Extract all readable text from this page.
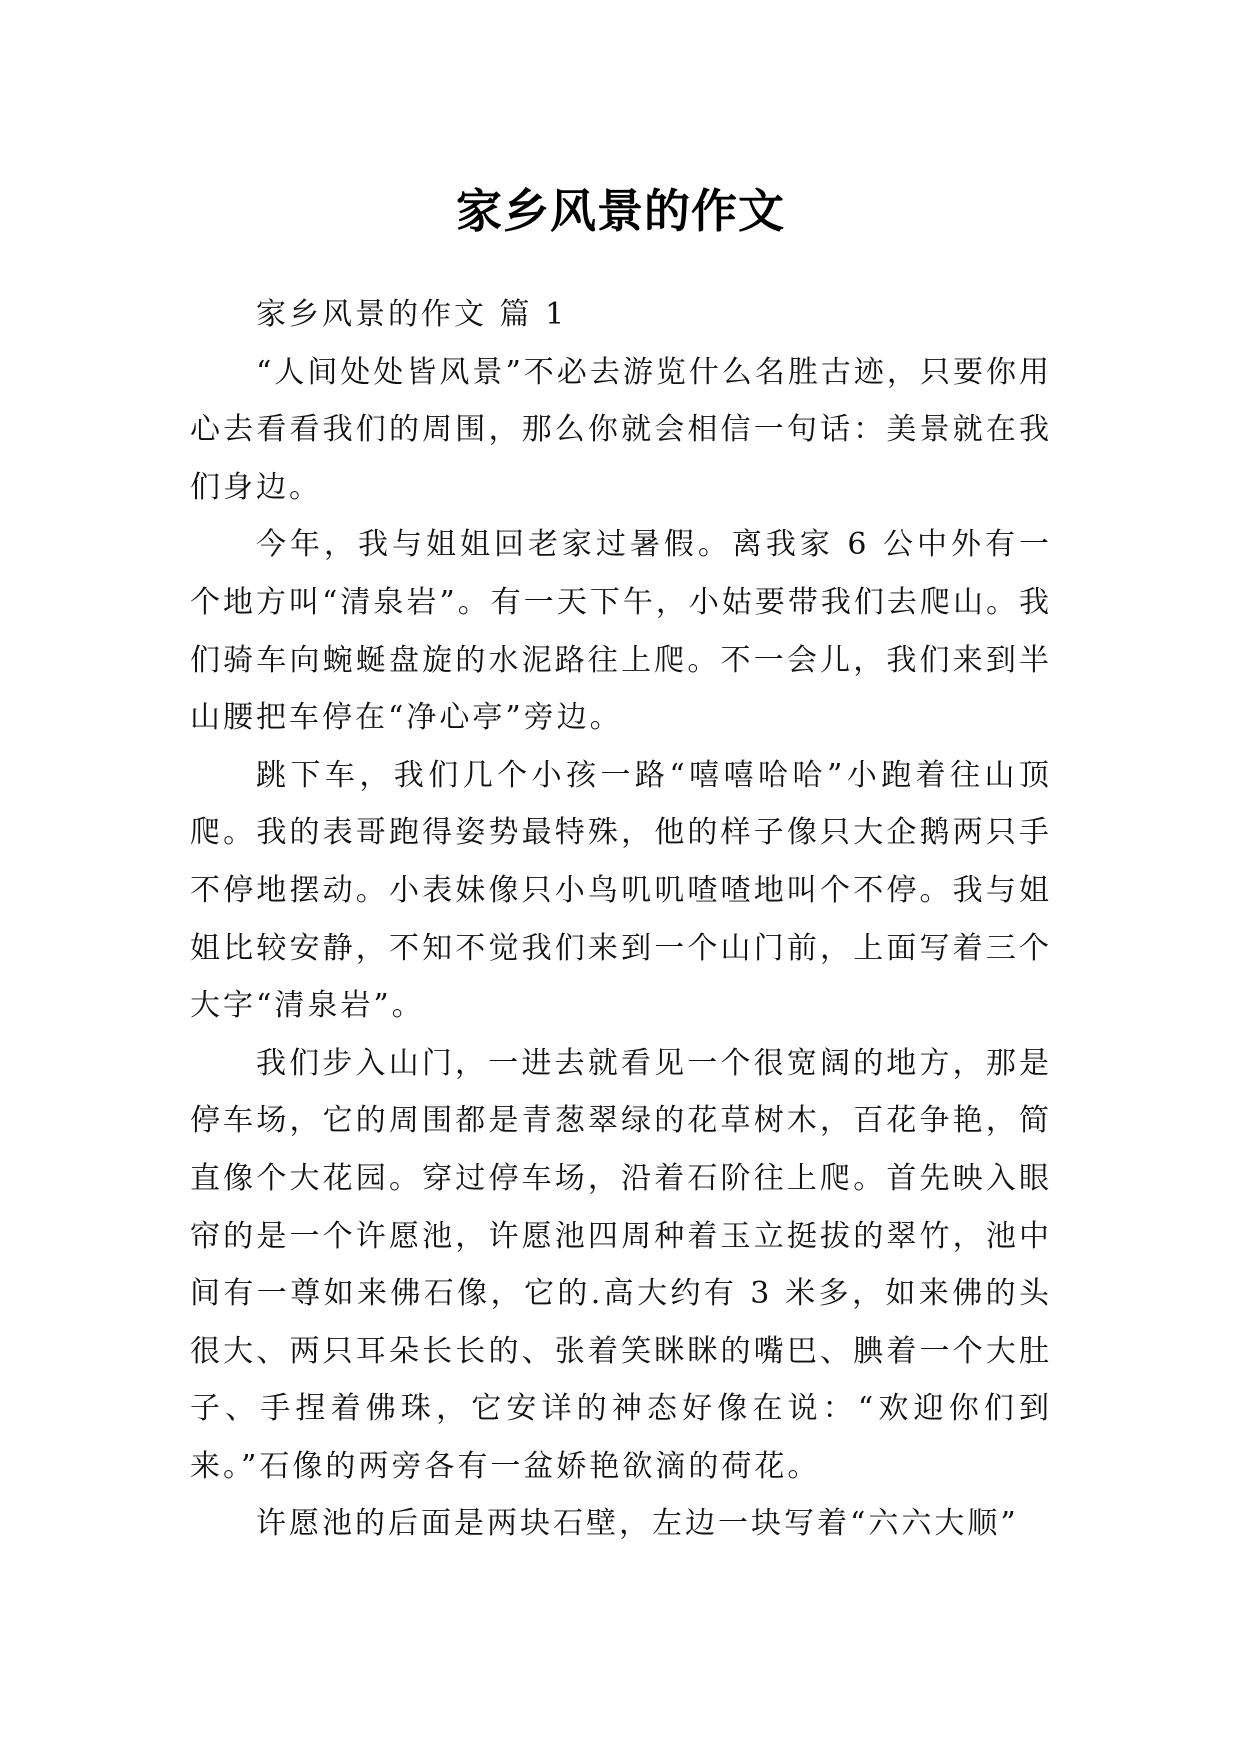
家乡风景的作文

家乡风景的作文 篇 1

“人间处处皆风景”不必去游览什么名胜古迹，只要你用心去看看我们的周围，那么你就会相信一句话：美景就在我们身边。

今年，我与姐姐回老家过暑假。离我家 6 公中外有一个地方叫“清泉岩”。有一天下午，小姑要带我们去爬山。我们骑车向蜿蜒盘旋的水泥路往上爬。不一会儿，我们来到半山腰把车停在“净心亭”旁边。

跳下车，我们几个小孩一路“嘻嘻哈哈”小跑着往山顶爬。我的表哥跑得姿势最特殊，他的样子像只大企鹅两只手不停地摆动。小表妹像只小鸟叽叽喳喳地叫个不停。我与姐姐比较安静，不知不觉我们来到一个山门前，上面写着三个大字“清泉岩”。

我们步入山门，一进去就看见一个很宽阔的地方，那是停车场，它的周围都是青葱翠绿的花草树木，百花争艳，简直像个大花园。穿过停车场，沿着石阶往上爬。首先映入眼帘的是一个许愿池，许愿池四周种着玉立挺拔的翠竹，池中间有一尊如来佛石像，它的.高大约有 3 米多，如来佛的头很大、两只耳朵长长的、张着笑眯眯的嘴巴、腆着一个大肚子、手捏着佛珠，它安详的神态好像在说：“欢迎你们到来。”石像的两旁各有一盆娇艳欲滴的荷花。

许愿池的后面是两块石壁，左边一块写着“六六大顺”
